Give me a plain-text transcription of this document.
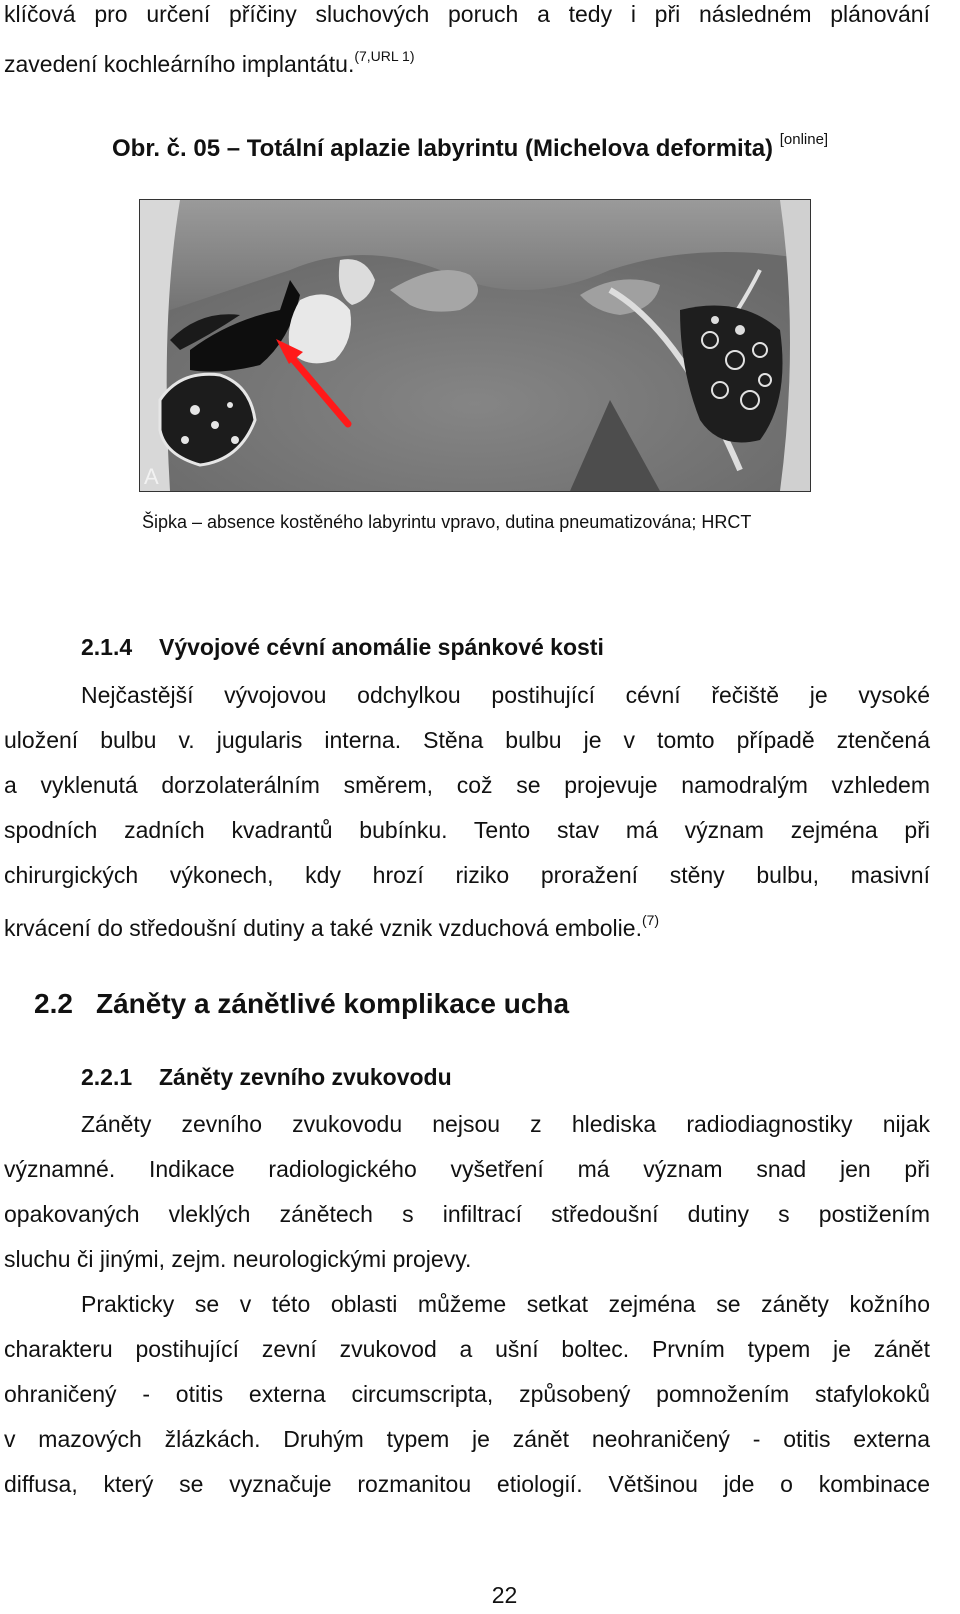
klíčová pro určení příčiny sluchových poruch a tedy i při následném plánování
zavedení kochleárního implantátu.$^{(7,URL 1)}$
Obr. č. 05 – Totální aplazie labyrintu (Michelova deformita) [online]
A
Šipka – absence kostěného labyrintu vpravo, dutina pneumatizována; HRCT
2.1.4 Vývojové cévní anomálie spánkové kosti
Nejčastější vývojovou odchylkou postihující cévní řečiště je vysoké
uložení bulbu v. jugularis interna. Stěna bulbu je v tomto případě ztenčená
a vyklenutá dorzolaterálním směrem, což se projevuje namodralým vzhledem
spodních zadních kvadrantů bubínku. Tento stav má význam zejména při
chirurgických výkonech, kdy hrozí riziko proražení stěny bulbu, masivní
krvácení do středoušní dutiny a také vznik vzduchová embolie.$^{(7)}$
2.2 Záněty a zánětlivé komplikace ucha
2.2.1 Záněty zevního zvukovodu
Záněty zevního zvukovodu nejsou z hlediska radiodiagnostiky nijak
významné. Indikace radiologického vyšetření má význam snad jen při
opakovaných vleklých zánětech s infiltrací středoušní dutiny s postižením
sluchu či jinými, zejm. neurologickými projevy.
Prakticky se v této oblasti můžeme setkat zejména se záněty kožního
charakteru postihující zevní zvukovod a ušní boltec. Prvním typem je zánět
ohraničený - otitis externa circumscripta, způsobený pomnožením stafylokoků
v mazových žlázkách. Druhým typem je zánět neohraničený - otitis externa
diffusa, který se vyznačuje rozmanitou etiologií. Většinou jde o kombinace
22
